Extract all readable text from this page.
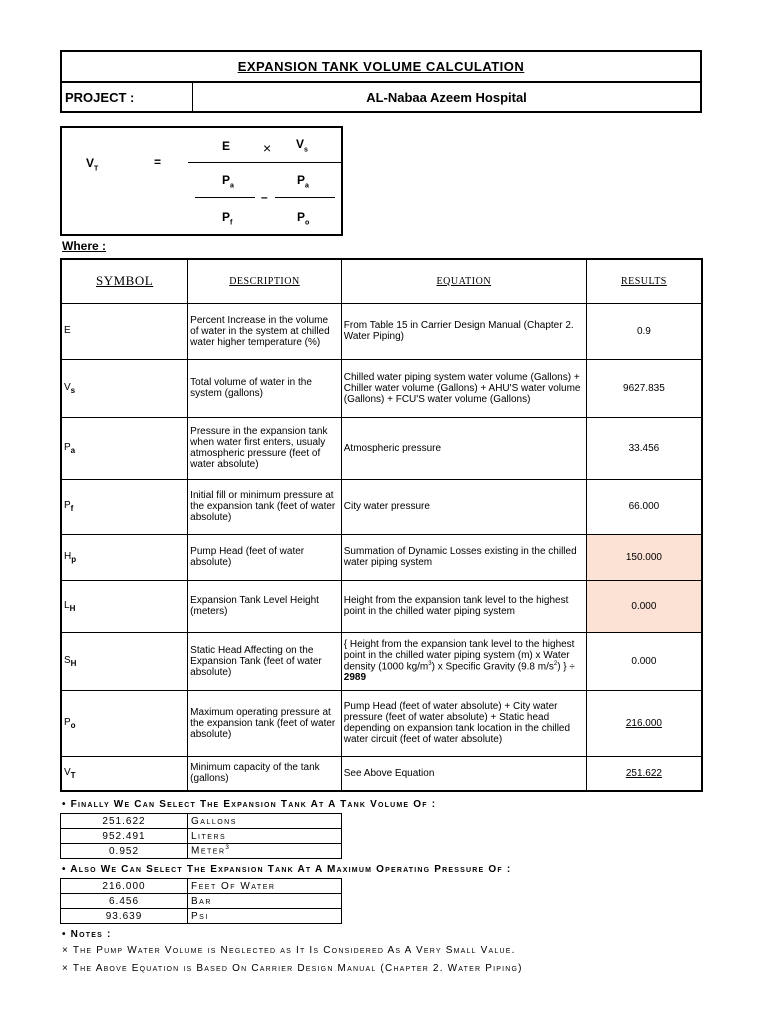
EXPANSION TANK VOLUME CALCULATION
PROJECT :	AL-Nabaa Azeem Hospital
$V_T$	=
$E \times V_s$
$P_a$	$P_a$
–
$P_f$	$P_o$
Where :
SYMBOL	DESCRIPTION	EQUATION	RESULTS
E	Percent Increase in the volume of water in the system at chilled water higher temperature (%)	From Table 15 in Carrier Design Manual (Chapter 2. Water Piping)	0.9
$V_s$	Total volume of water in the system (gallons)	Chilled water piping system water volume (Gallons) + Chiller water volume (Gallons) + AHU'S water volume (Gallons) + FCU'S water volume (Gallons)	9627.835
$P_a$	Pressure in the expansion tank when water first enters, usualy atmospheric pressure (feet of water absolute)	Atmospheric pressure	33.456
$P_f$	Initial fill or minimum pressure at the expansion tank (feet of water absolute)	City water pressure	66.000
$H_p$	Pump Head (feet of water absolute)	Summation of Dynamic Losses existing in the chilled water piping system	150.000
$L_H$	Expansion Tank Level Height (meters)	Height from the expansion tank level to the highest point in the chilled water piping system	0.000
$S_H$	Static Head Affecting on the Expansion Tank (feet of water absolute)	{ Height from the expansion tank level to the highest point in the chilled water piping system (m) x Water density (1000 $kg/m^3$) x Specific Gravity (9.8 $m/s^2$) } ÷ 2989	0.000
$P_o$	Maximum operating pressure at the expansion tank (feet of water absolute)	Pump Head (feet of water absolute) + City water pressure (feet of water absolute) + Static head depending on expansion tank location in the chilled water circuit (feet of water absolute)	216.000
$V_T$	Minimum capacity of the tank (gallons)	See Above Equation	251.622
• Finally We Can Select The Expansion Tank At A Tank Volume Of :
251.622	Gallons
952.491	Liters
0.952	Meter$^3$
• Also We Can Select The Expansion Tank At A Maximum Operating Pressure Of :
216.000	Feet Of Water
6.456	Bar
93.639	Psi
• Notes :
× The Pump Water Volume is Neglected as It Is Considered As A Very Small Value.
× The Above Equation is Based On Carrier Design Manual (Chapter 2. Water Piping)
